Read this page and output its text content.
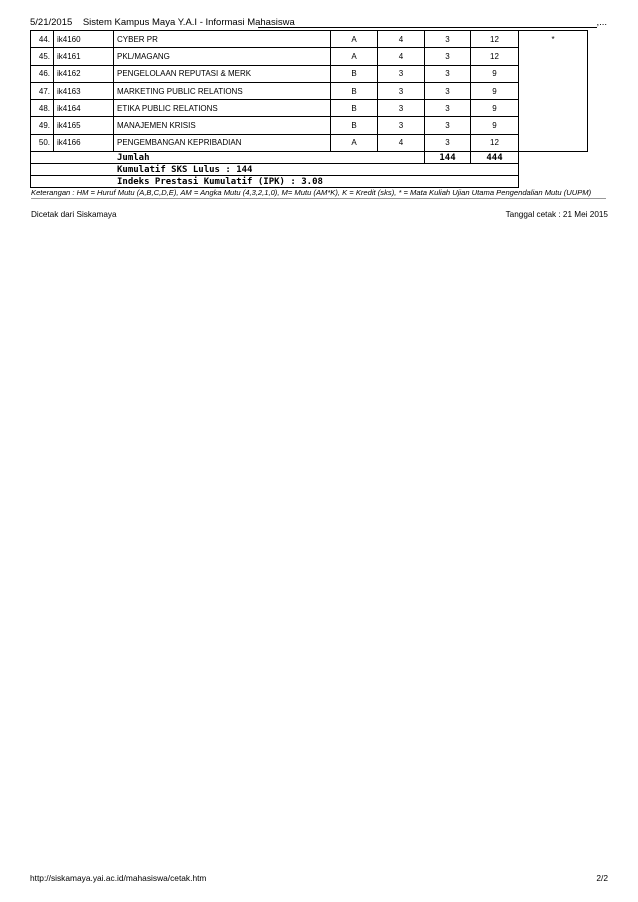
5/21/2015 Sistem Kampus Maya Y.A.I - Informasi Mahasiswa	,...
44.	ik4160	CYBER PR	A	4	3	12	*
45.	ik4161	PKL/MAGANG	A	4	3	12	
46.	ik4162	PENGELOLAAN REPUTASI & MERK	B	3	3	9	
47.	ik4163	MARKETING PUBLIC RELATIONS	B	3	3	9	
48.	ik4164	ETIKA PUBLIC RELATIONS	B	3	3	9	
49.	ik4165	MANAJEMEN KRISIS	B	3	3	9	
50.	ik4166	PENGEMBANGAN KEPRIBADIAN	A	4	3	12	
Jumlah					144	444	
Kumulatif SKS Lulus : 144							
Indeks Prestasi Kumulatif (IPK) : 3.08							
Keterangan : HM = Huruf Mutu (A,B,C,D,E), AM = Angka Mutu (4,3,2,1,0), M= Mutu (AM*K), K = Kredit (sks), * = Mata Kuliah Ujian Utama Pengendalian Mutu (UUPM)
Dicetak dari Siskamaya	Tanggal cetak : 21 Mei 2015
http://siskamaya.yai.ac.id/mahasiswa/cetak.htm	2/2
